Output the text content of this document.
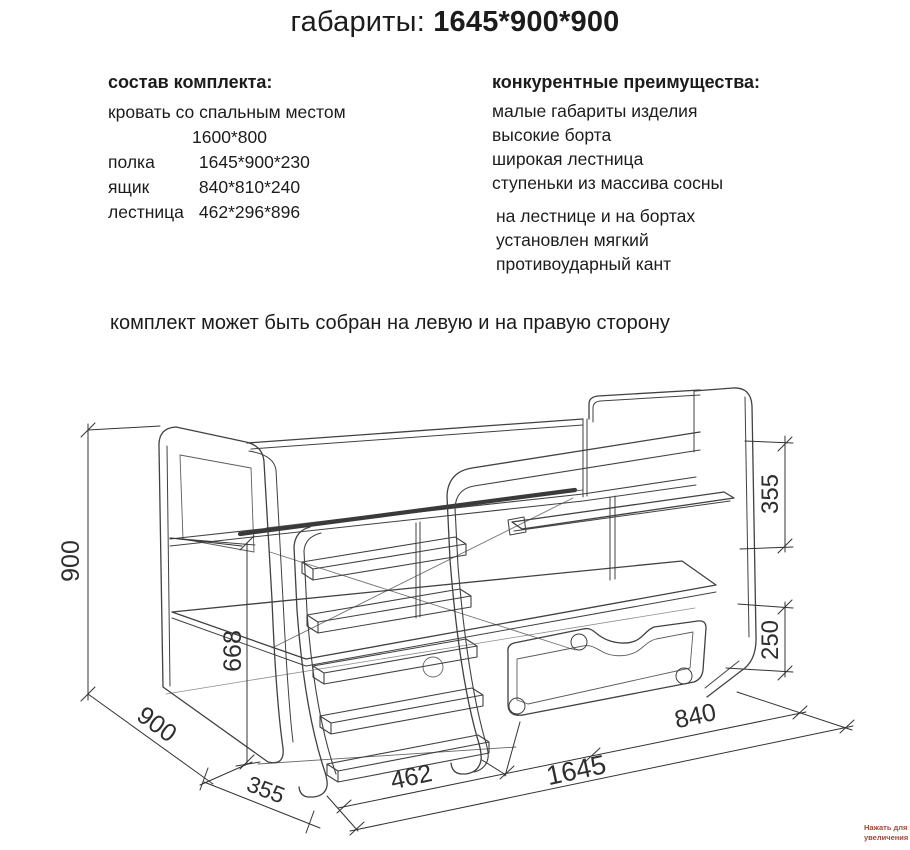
габариты: 1645*900*900
состав комплекта:
кровать со спальным местом
1600*800
полка	1645*900*230
ящик	840*810*240
лестница 462*296*896
конкурентные преимущества:
малые габариты изделия
высокие борта
широкая лестница
ступеньки из массива сосны
на лестнице и на бортах
установлен мягкий
противоударный кант
комплект может быть собран на левую и на правую сторону
900
668
900
355	462	1645
840
355
250
Нажать для
увеличения
